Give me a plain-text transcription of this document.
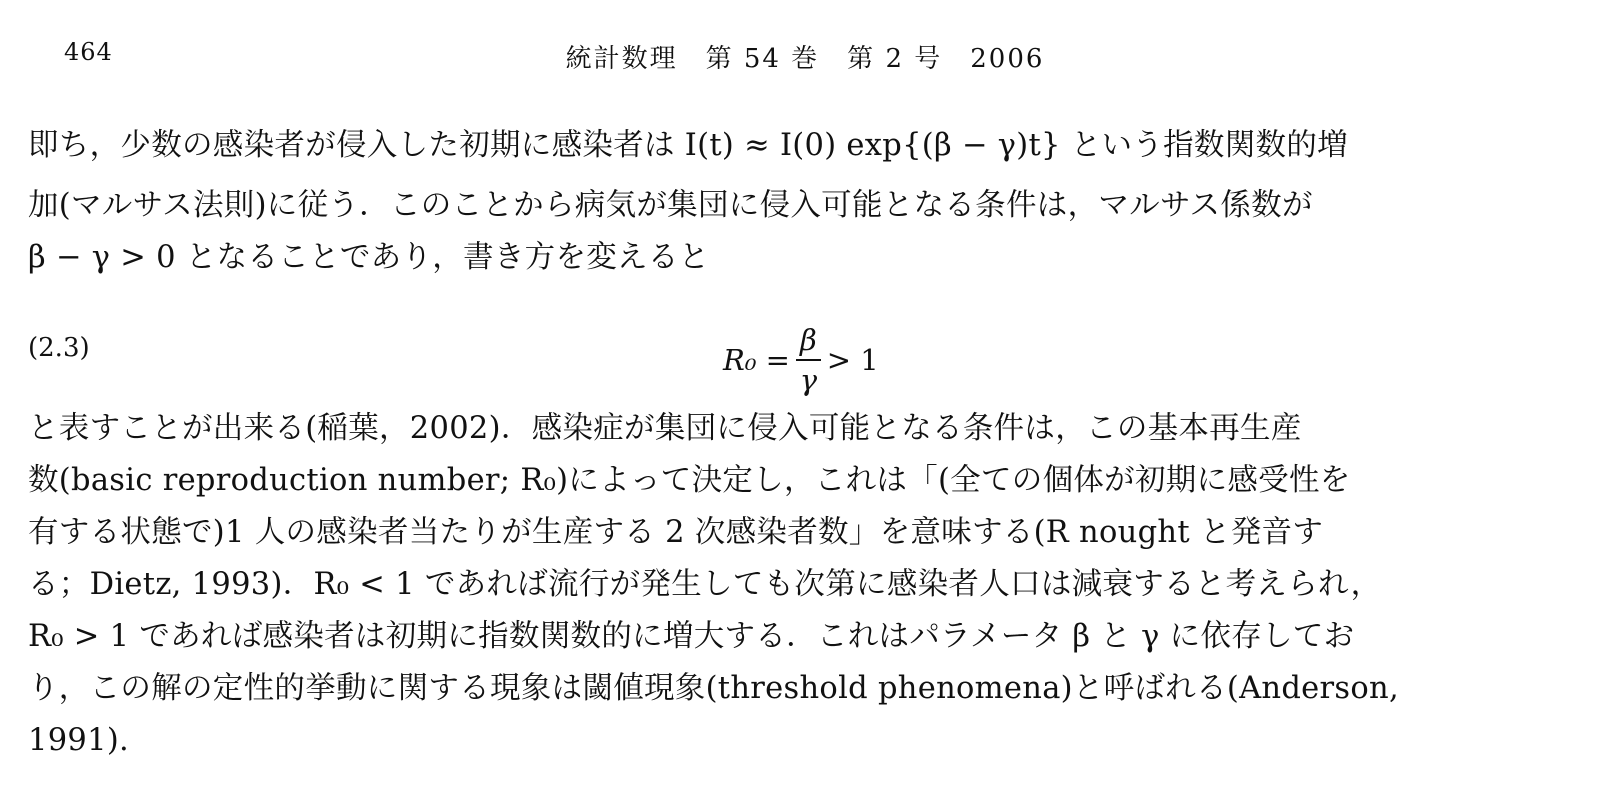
464	統計数理　第 54 巻　第 2 号　2006
即ち，少数の感染者が侵入した初期に感染者は I(t) ≈ I(0) exp{(β − γ)t} という指数関数的増
加(マルサス法則)に従う．このことから病気が集団に侵入可能となる条件は，マルサス係数が
β − γ > 0 となることであり，書き方を変えると
(2.3)	$R_0 = \frac{\beta}{\gamma} > 1$
と表すことが出来る(稲葉，2002)．感染症が集団に侵入可能となる条件は，この基本再生産
数(basic reproduction number; R₀)によって決定し，これは「(全ての個体が初期に感受性を
有する状態で)1 人の感染者当たりが生産する 2 次感染者数」を意味する(R nought と発音す
る；Dietz, 1993)．R₀ < 1 であれば流行が発生しても次第に感染者人口は減衰すると考えられ，
R₀ > 1 であれば感染者は初期に指数関数的に増大する．これはパラメータ β と γ に依存してお
り，この解の定性的挙動に関する現象は閾値現象(threshold phenomena)と呼ばれる(Anderson,
1991).
